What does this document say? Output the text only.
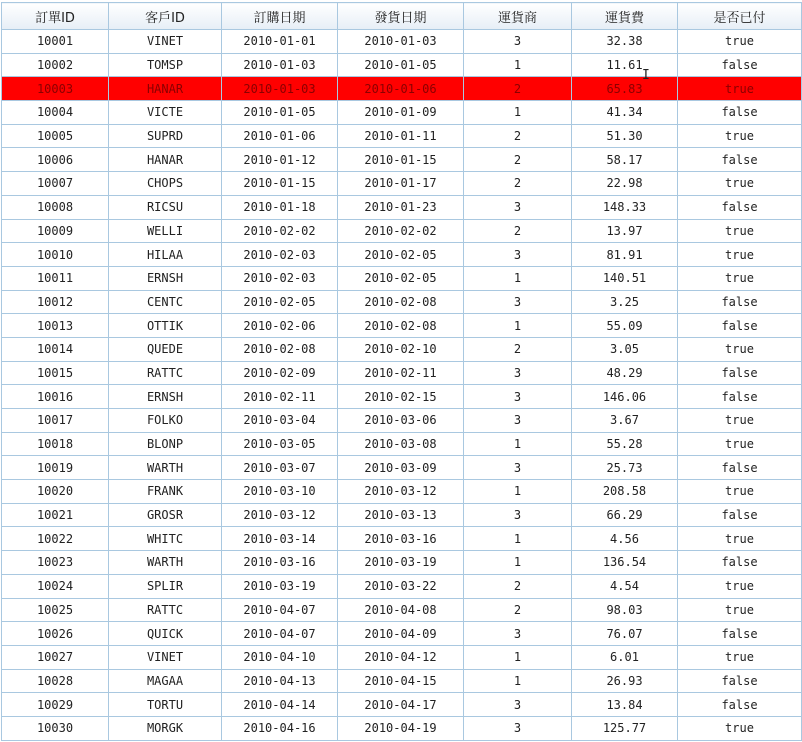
訂單ID	客戶ID	訂購日期	發貨日期	運貨商	運貨費	是否已付
10001	VINET	2010-01-01	2010-01-03	3	32.38	true
10002	TOMSP	2010-01-03	2010-01-05	1	11.61	false
10003	HANAR	2010-01-03	2010-01-06	2	65.83	true
10004	VICTE	2010-01-05	2010-01-09	1	41.34	false
10005	SUPRD	2010-01-06	2010-01-11	2	51.30	true
10006	HANAR	2010-01-12	2010-01-15	2	58.17	false
10007	CHOPS	2010-01-15	2010-01-17	2	22.98	true
10008	RICSU	2010-01-18	2010-01-23	3	148.33	false
10009	WELLI	2010-02-02	2010-02-02	2	13.97	true
10010	HILAA	2010-02-03	2010-02-05	3	81.91	true
10011	ERNSH	2010-02-03	2010-02-05	1	140.51	true
10012	CENTC	2010-02-05	2010-02-08	3	3.25	false
10013	OTTIK	2010-02-06	2010-02-08	1	55.09	false
10014	QUEDE	2010-02-08	2010-02-10	2	3.05	true
10015	RATTC	2010-02-09	2010-02-11	3	48.29	false
10016	ERNSH	2010-02-11	2010-02-15	3	146.06	false
10017	FOLKO	2010-03-04	2010-03-06	3	3.67	true
10018	BLONP	2010-03-05	2010-03-08	1	55.28	true
10019	WARTH	2010-03-07	2010-03-09	3	25.73	false
10020	FRANK	2010-03-10	2010-03-12	1	208.58	true
10021	GROSR	2010-03-12	2010-03-13	3	66.29	false
10022	WHITC	2010-03-14	2010-03-16	1	4.56	true
10023	WARTH	2010-03-16	2010-03-19	1	136.54	false
10024	SPLIR	2010-03-19	2010-03-22	2	4.54	true
10025	RATTC	2010-04-07	2010-04-08	2	98.03	true
10026	QUICK	2010-04-07	2010-04-09	3	76.07	false
10027	VINET	2010-04-10	2010-04-12	1	6.01	true
10028	MAGAA	2010-04-13	2010-04-15	1	26.93	false
10029	TORTU	2010-04-14	2010-04-17	3	13.84	false
10030	MORGK	2010-04-16	2010-04-19	3	125.77	true
I
